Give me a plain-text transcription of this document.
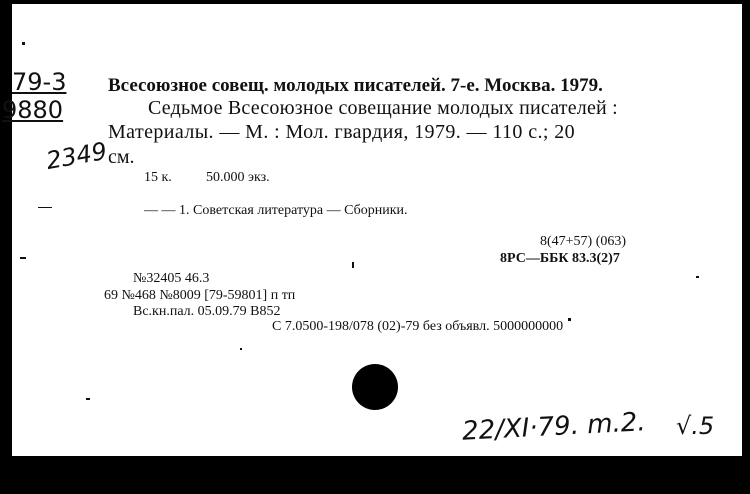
79-3
9880
2349
Всесоюзное совещ. молодых писателей. 7-е. Москва. 1979.
Седьмое Всесоюзное совещание молодых писателей :
Материалы. — М. : Мол. гвардия, 1979. — 110 с.; 20
см.
15 к. 50.000 экз.
— — 1. Советская литература — Сборники.
8(47+57) (063)
8РС—ББК 83.3(2)7
№32405 46.3
69 №468 №8009 [79-59801] п тп
Вс.кн.пал. 05.09.79 В852
С 7.0500-198/078 (02)-79 без объявл. 5000000000
22/XI·79. m.2. √.5
